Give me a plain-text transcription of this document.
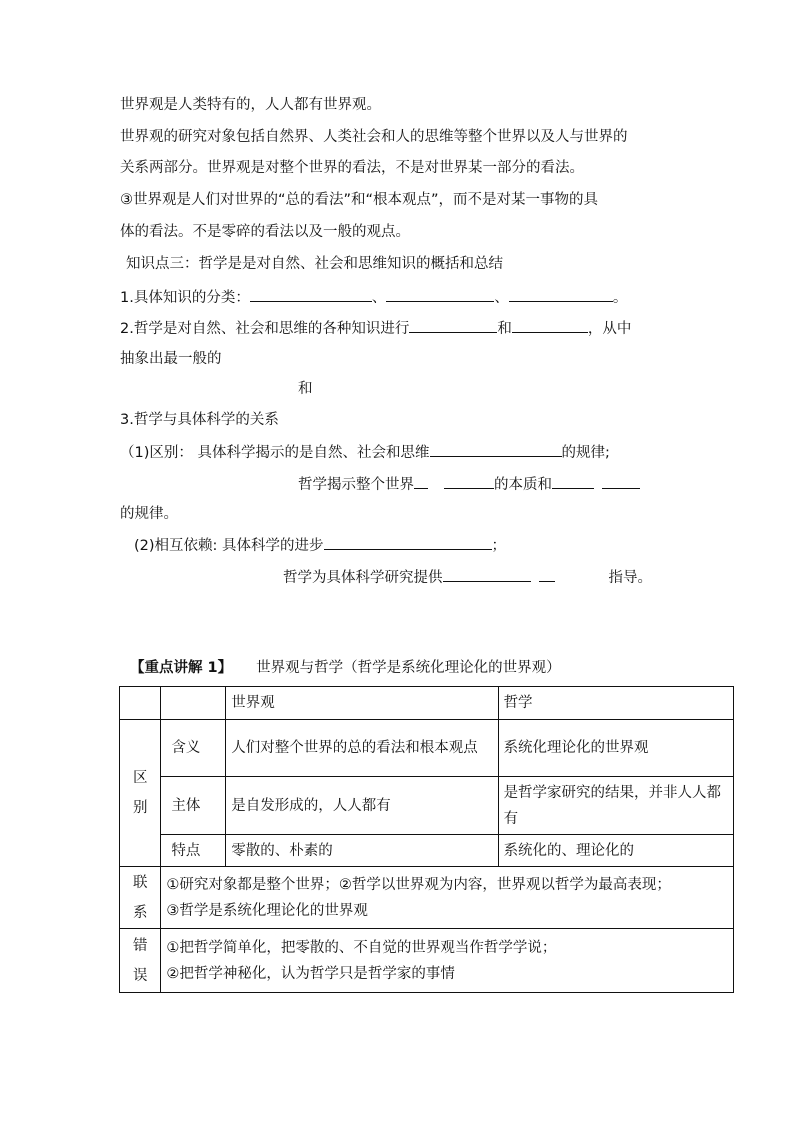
世界观是人类特有的，人人都有世界观。
世界观的研究对象包括自然界、人类社会和人的思维等整个世界以及人与世界的
关系两部分。世界观是对整个世界的看法，不是对世界某一部分的看法。
③世界观是人们对世界的“总的看法”和“根本观点”，而不是对某一事物的具
体的看法。不是零碎的看法以及一般的观点。
知识点三：哲学是是对自然、社会和思维知识的概括和总结
1.具体知识的分类：	、	、	。
2.哲学是对自然、社会和思维的各种知识进行	和	，从中
抽象出最一般的
和
3.哲学与具体科学的关系
（1)区别： 具体科学揭示的是自然、社会和思维	的规律;
哲学揭示整个世界	的本质和
的规律。
(2)相互依赖: 具体科学的进步	；
哲学为具体科学研究提供	指导。
【重点讲解 1】 世界观与哲学（哲学是系统化理论化的世界观）
		世界观	哲学

区别	含义	人们对整个世界的总的看法和根本观点	系统化理论化的世界观
	主体	是自发形成的，人人都有	是哲学家研究的结果，并非人人都有
	特点	零散的、朴素的	系统化的、理论化的

联系	①研究对象都是整个世界；②哲学以世界观为内容，世界观以哲学为最高表现；
③哲学是系统化理论化的世界观		

错误	①把哲学简单化，把零散的、不自觉的世界观当作哲学学说；
②把哲学神秘化，认为哲学只是哲学家的事情		
